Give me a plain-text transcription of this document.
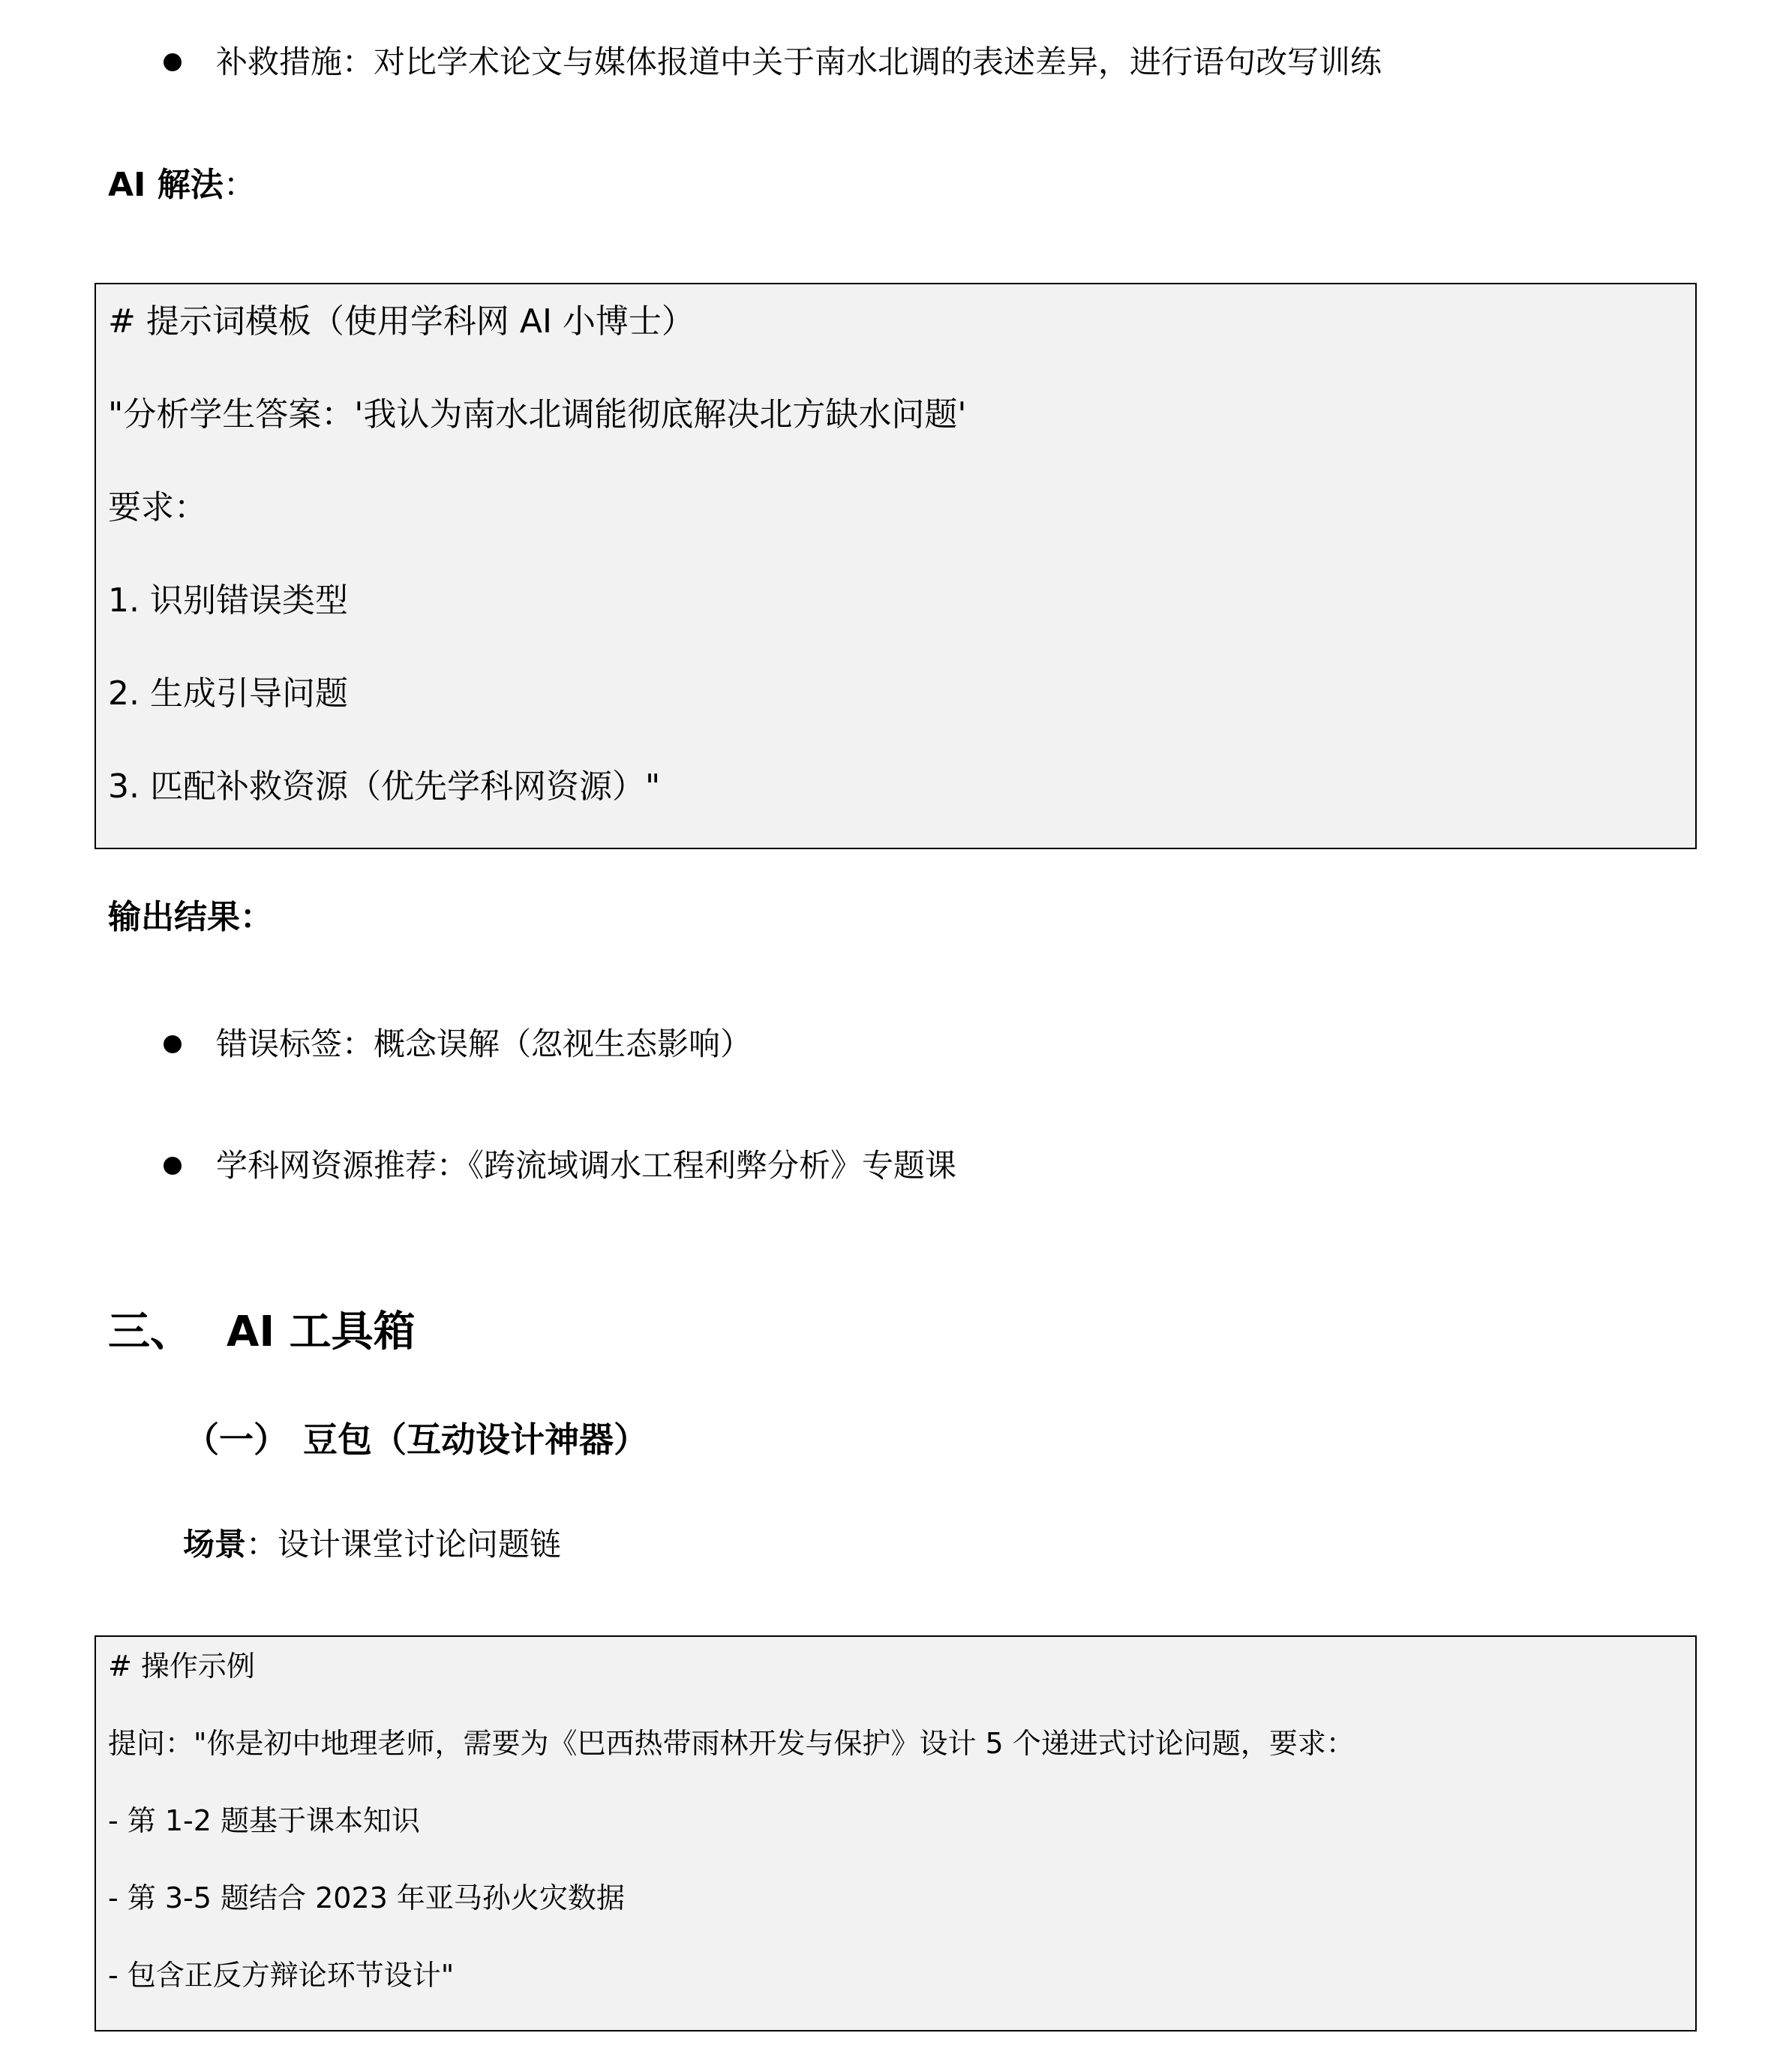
补救措施：对比学术论文与媒体报道中关于南水北调的表述差异，进行语句改写训练
AI 解法：
# 提示词模板（使用学科网 AI 小博士）
"分析学生答案：'我认为南水北调能彻底解决北方缺水问题'
要求：
1. 识别错误类型
2. 生成引导问题
3. 匹配补救资源（优先学科网资源）"
输出结果：
错误标签：概念误解（忽视生态影响）
学科网资源推荐：《跨流域调水工程利弊分析》专题课
三、 AI 工具箱
（一） 豆包（互动设计神器）
场景：设计课堂讨论问题链
# 操作示例
提问："你是初中地理老师，需要为《巴西热带雨林开发与保护》设计 5 个递进式讨论问题，要求：
- 第 1-2 题基于课本知识
- 第 3-5 题结合 2023 年亚马孙火灾数据
- 包含正反方辩论环节设计"
